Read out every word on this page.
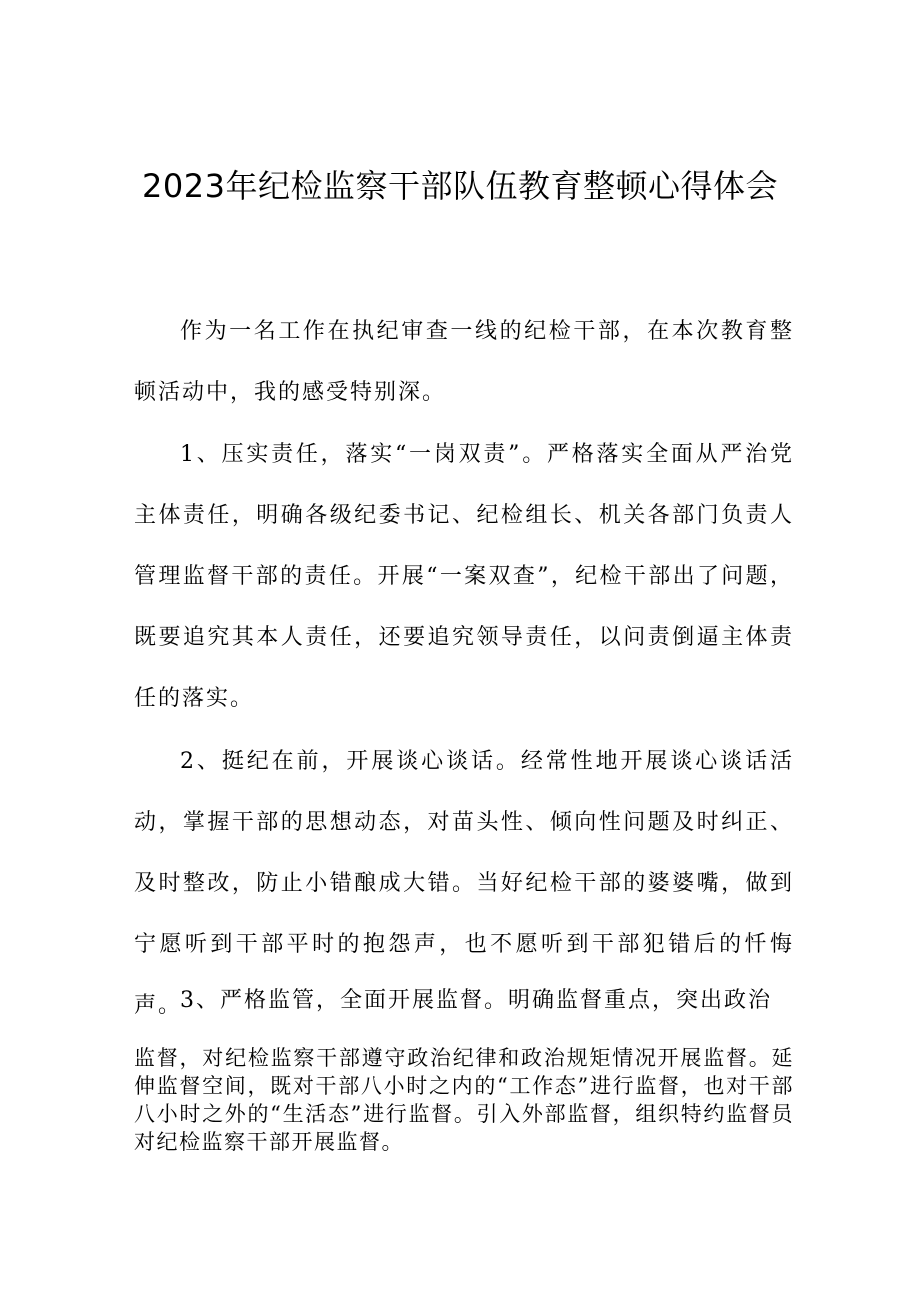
2023年纪检监察干部队伍教育整顿心得体会

作为一名工作在执纪审查一线的纪检干部，在本次教育整顿活动中，我的感受特别深。

1、压实责任，落实“一岗双责”。严格落实全面从严治党主体责任，明确各级纪委书记、纪检组长、机关各部门负责人管理监督干部的责任。开展“一案双查”，纪检干部出了问题，既要追究其本人责任，还要追究领导责任，以问责倒逼主体责任的落实。

2、挺纪在前，开展谈心谈话。经常性地开展谈心谈话活动，掌握干部的思想动态，对苗头性、倾向性问题及时纠正、及时整改，防止小错酿成大错。当好纪检干部的婆婆嘴，做到宁愿听到干部平时的抱怨声，也不愿听到干部犯错后的忏悔声。

3、严格监管，全面开展监督。明确监督重点，突出政治

监督，对纪检监察干部遵守政治纪律和政治规矩情况开展监督。延伸监督空间，既对干部八小时之内的“工作态”进行监督，也对干部八小时之外的“生活态”进行监督。引入外部监督，组织特约监督员对纪检监察干部开展监督。
